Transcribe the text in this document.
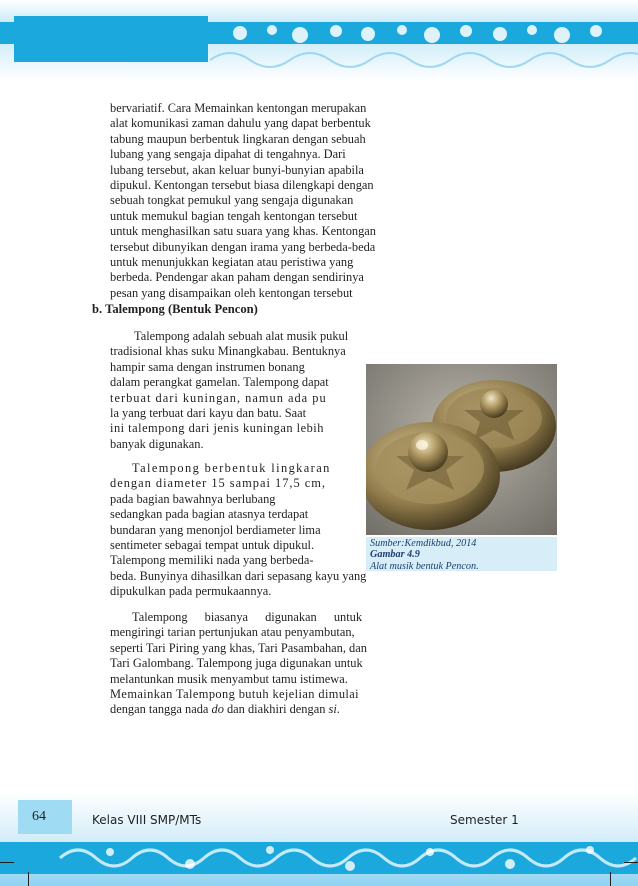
bervariatif. Cara Memainkan kentongan merupakan
alat komunikasi zaman dahulu yang dapat berbentuk
tabung maupun berbentuk lingkaran dengan sebuah
lubang yang sengaja dipahat di tengahnya. Dari
lubang tersebut, akan keluar bunyi-bunyian apabila
dipukul. Kentongan tersebut biasa dilengkapi dengan
sebuah tongkat pemukul yang sengaja digunakan
untuk memukul bagian tengah kentongan tersebut
untuk menghasilkan satu suara yang khas. Kentongan
tersebut dibunyikan dengan irama yang berbeda-beda
untuk menunjukkan kegiatan atau peristiwa yang
berbeda. Pendengar akan paham dengan sendirinya
pesan yang disampaikan oleh kentongan tersebut
b. Talempong (Bentuk Pencon)
Talempong adalah sebuah alat musik pukul
tradisional khas suku Minangkabau. Bentuknya
hampir sama dengan instrumen bonang
dalam perangkat gamelan. Talempong dapat
terbuat dari kuningan, namun ada pu
la yang terbuat dari kayu dan batu. Saat
ini talempong dari jenis kuningan lebih
banyak digunakan.
Talempong berbentuk lingkaran
dengan diameter 15 sampai 17,5 cm,
pada bagian bawahnya berlubang
sedangkan pada bagian atasnya terdapat
bundaran yang menonjol berdiameter lima
sentimeter sebagai tempat untuk dipukul.
Talempong memiliki nada yang berbeda-
beda. Bunyinya dihasilkan dari sepasang kayu yang
dipukulkan pada permukaannya.
Talempong biasanya digunakan untuk
mengiringi tarian pertunjukan atau penyambutan,
seperti Tari Piring yang khas, Tari Pasambahan, dan
Tari Galombang. Talempong juga digunakan untuk
melantunkan musik menyambut tamu istimewa.
Memainkan Talempong butuh kejelian dimulai
dengan tangga nada do dan diakhiri dengan si.
Sumber:Kemdikbud, 2014
Gambar 4.9
Alat musik bentuk Pencon.
64	Kelas VIII SMP/MTs	Semester 1
